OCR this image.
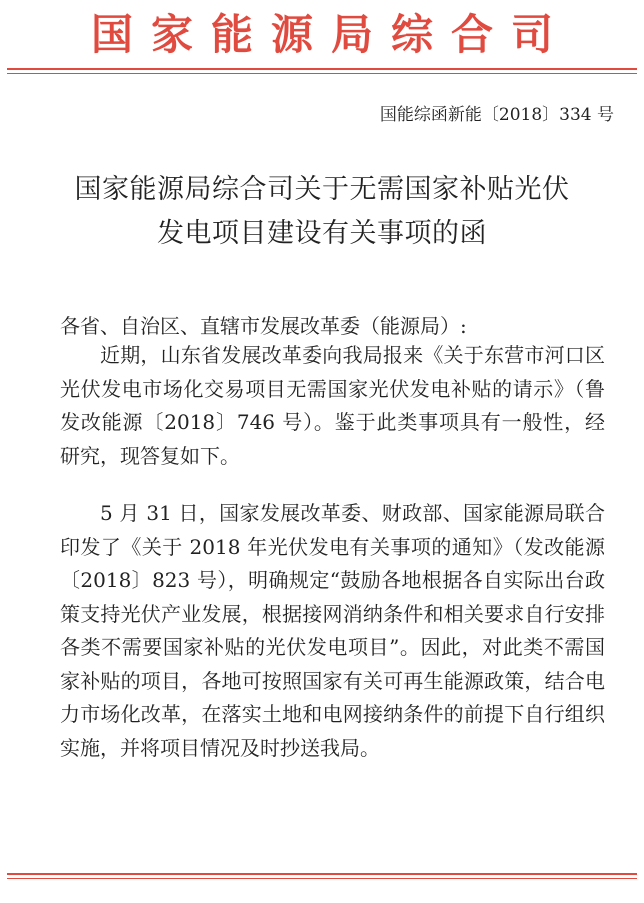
国家能源局综合司
国能综函新能〔2018〕334 号
国家能源局综合司关于无需国家补贴光伏
发电项目建设有关事项的函
各省、自治区、直辖市发展改革委（能源局）:

近期，山东省发展改革委向我局报来《关于东营市河口区光伏发电市场化交易项目无需国家光伏发电补贴的请示》（鲁发改能源〔2018〕746 号）。鉴于此类事项具有一般性，经研究，现答复如下。

5 月 31 日，国家发展改革委、财政部、国家能源局联合印发了《关于 2018 年光伏发电有关事项的通知》（发改能源〔2018〕823 号），明确规定“鼓励各地根据各自实际出台政策支持光伏产业发展，根据接网消纳条件和相关要求自行安排各类不需要国家补贴的光伏发电项目”。因此，对此类不需国家补贴的项目，各地可按照国家有关可再生能源政策，结合电力市场化改革，在落实土地和电网接纳条件的前提下自行组织实施，并将项目情况及时抄送我局。
